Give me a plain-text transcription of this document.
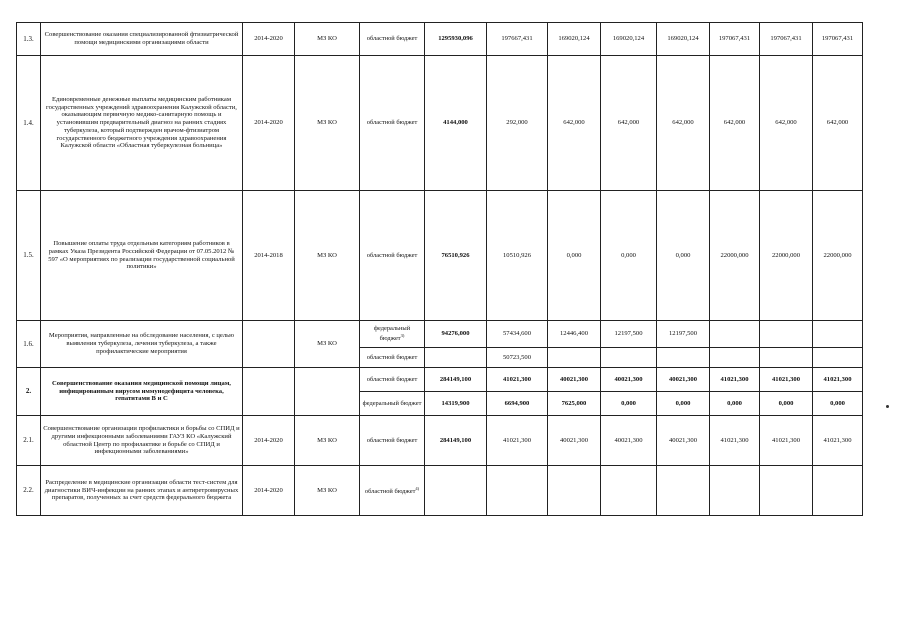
1.3.	Совершенствование оказания специализированной фтизиатрической помощи медицинскими организациями области	2014-2020	МЗ КО	областной бюджет	1295930,096	197667,431	169020,124	169020,124	169020,124	197067,431	197067,431	197067,431
1.4.	Единовременные денежные выплаты медицинским работникам государственных учреждений здравоохранения Калужской области, оказывающим первичную медико-санитарную помощь и установившим предварительный диагноз на ранних стадиях туберкулеза, который подтвержден врачом-фтизиатром государственного бюджетного учреждения здравоохранения Калужской области «Областная туберкулезная больница»	2014-2020	МЗ КО	областной бюджет	4144,000	292,000	642,000	642,000	642,000	642,000	642,000	642,000
1.5.	Повышение оплаты труда отдельным категориям работников в рамках Указа Президента Российской Федерации от 07.05.2012 № 597 «О мероприятиях по реализации государственной социальной политики»	2014-2018	МЗ КО	областной бюджет	76510,926	10510,926	0,000	0,000	0,000	22000,000	22000,000	22000,000
1.6.	Мероприятия, направленные на обследование населения, с целью выявления туберкулеза, лечения туберкулеза, а также профилактические мероприятия		МЗ КО	федеральный бюджет$^{3)}$	94276,000	57434,600	12446,400	12197,500	12197,500			
				областной бюджет		50723,500						
2.	Совершенствование оказания медицинской помощи лицам, инфицированным вирусом иммунодефицита человека, гепатитами В и С			областной бюджет	284149,100	41021,300	40021,300	40021,300	40021,300	41021,300	41021,300	41021,300
				федеральный бюджет	14319,900	6694,900	7625,000	0,000	0,000	0,000	0,000	0,000
2.1.	Совершенствование организации профилактики и борьбы со СПИД и другими инфекционными заболеваниями ГАУЗ КО «Калужский областной Центр по профилактике и борьбе со СПИД и инфекционными заболеваниями»	2014-2020	МЗ КО	областной бюджет	284149,100	41021,300	40021,300	40021,300	40021,300	41021,300	41021,300	41021,300
2.2.	Распределение в медицинские организации области тест-систем для диагностики ВИЧ-инфекции на ранних этапах и антиретровирусных препаратов, полученных за счет средств федерального бюджета	2014-2020	МЗ КО	областной бюджет$^{4)}$								
